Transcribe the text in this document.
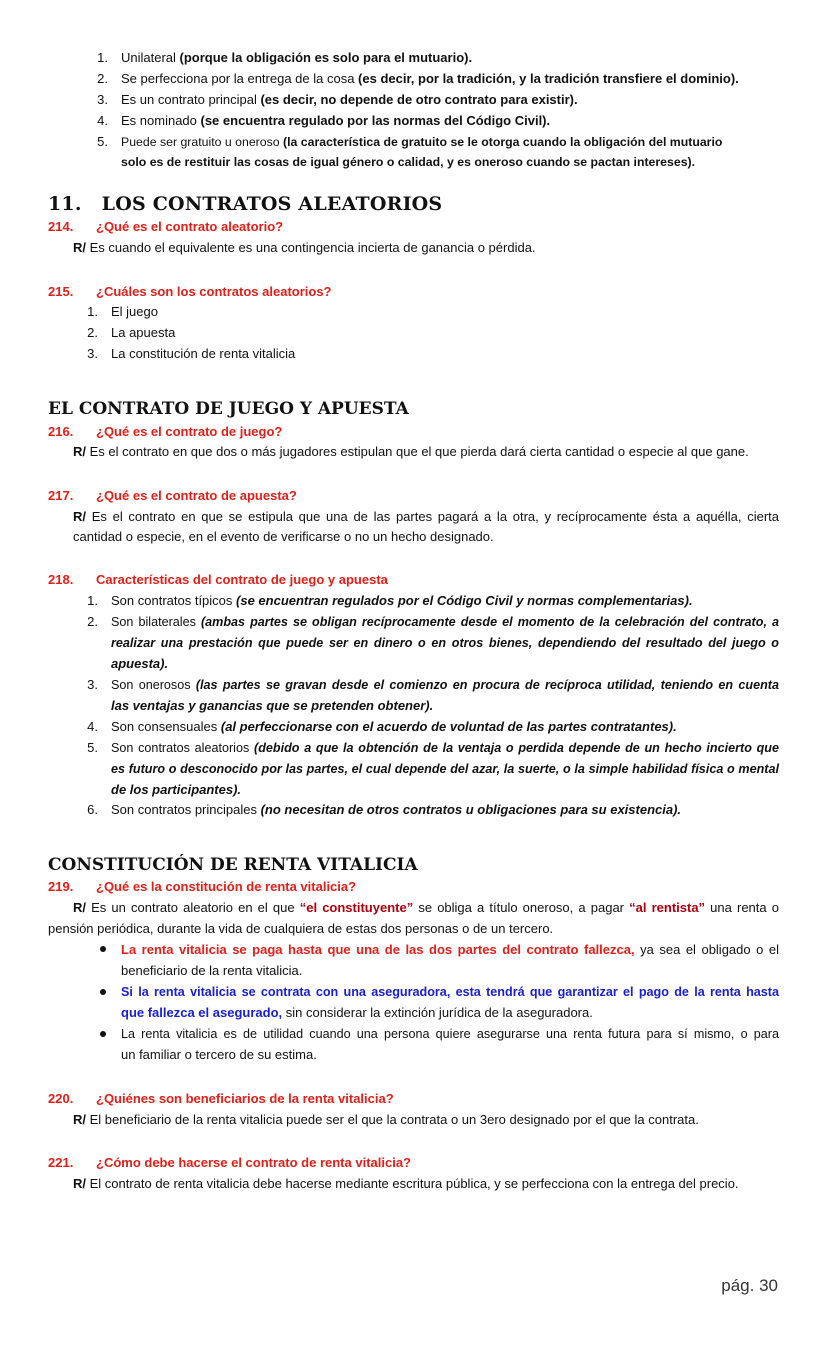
1. Unilateral (porque la obligación es solo para el mutuario).
2. Se perfecciona por la entrega de la cosa (es decir, por la tradición, y la tradición transfiere el dominio).
3. Es un contrato principal (es decir, no depende de otro contrato para existir).
4. Es nominado (se encuentra regulado por las normas del Código Civil).
5. Puede ser gratuito u oneroso (la característica de gratuito se le otorga cuando la obligación del mutuario
solo es de restituir las cosas de igual género o calidad, y es oneroso cuando se pactan intereses).
11. LOS CONTRATOS ALEATORIOS
214. ¿Qué es el contrato aleatorio?
R/ Es cuando el equivalente es una contingencia incierta de ganancia o pérdida.
215. ¿Cuáles son los contratos aleatorios?
1. El juego
2. La apuesta
3. La constitución de renta vitalicia
EL CONTRATO DE JUEGO Y APUESTA
216. ¿Qué es el contrato de juego?
R/ Es el contrato en que dos o más jugadores estipulan que el que pierda dará cierta cantidad o especie al que gane.
217. ¿Qué es el contrato de apuesta?
R/ Es el contrato en que se estipula que una de las partes pagará a la otra, y recíprocamente ésta a aquélla, cierta
cantidad o especie, en el evento de verificarse o no un hecho designado.
218. Características del contrato de juego y apuesta
1. Son contratos típicos (se encuentran regulados por el Código Civil y normas complementarias).
2. Son bilaterales (ambas partes se obligan recíprocamente desde el momento de la celebración del contrato, a
realizar una prestación que puede ser en dinero o en otros bienes, dependiendo del resultado del juego o
apuesta).
3. Son onerosos (las partes se gravan desde el comienzo en procura de recíproca utilidad, teniendo en cuenta
las ventajas y ganancias que se pretenden obtener).
4. Son consensuales (al perfeccionarse con el acuerdo de voluntad de las partes contratantes).
5. Son contratos aleatorios (debido a que la obtención de la ventaja o perdida depende de un hecho incierto que
es futuro o desconocido por las partes, el cual depende del azar, la suerte, o la simple habilidad física o mental
de los participantes).
6. Son contratos principales (no necesitan de otros contratos u obligaciones para su existencia).
CONSTITUCIÓN DE RENTA VITALICIA
219. ¿Qué es la constitución de renta vitalicia?
R/ Es un contrato aleatorio en el que “el constituyente” se obliga a título oneroso, a pagar “al rentista” una renta o
pensión periódica, durante la vida de cualquiera de estas dos personas o de un tercero.
La renta vitalicia se paga hasta que una de las dos partes del contrato fallezca, ya sea el obligado o el
beneficiario de la renta vitalicia.
Si la renta vitalicia se contrata con una aseguradora, esta tendrá que garantizar el pago de la renta hasta
que fallezca el asegurado, sin considerar la extinción jurídica de la aseguradora.
La renta vitalicia es de utilidad cuando una persona quiere asegurarse una renta futura para sí mismo, o para
un familiar o tercero de su estima.
220. ¿Quiénes son beneficiarios de la renta vitalicia?
R/ El beneficiario de la renta vitalicia puede ser el que la contrata o un 3ero designado por el que la contrata.
221. ¿Cómo debe hacerse el contrato de renta vitalicia?
R/ El contrato de renta vitalicia debe hacerse mediante escritura pública, y se perfecciona con la entrega del precio.
pág. 30
